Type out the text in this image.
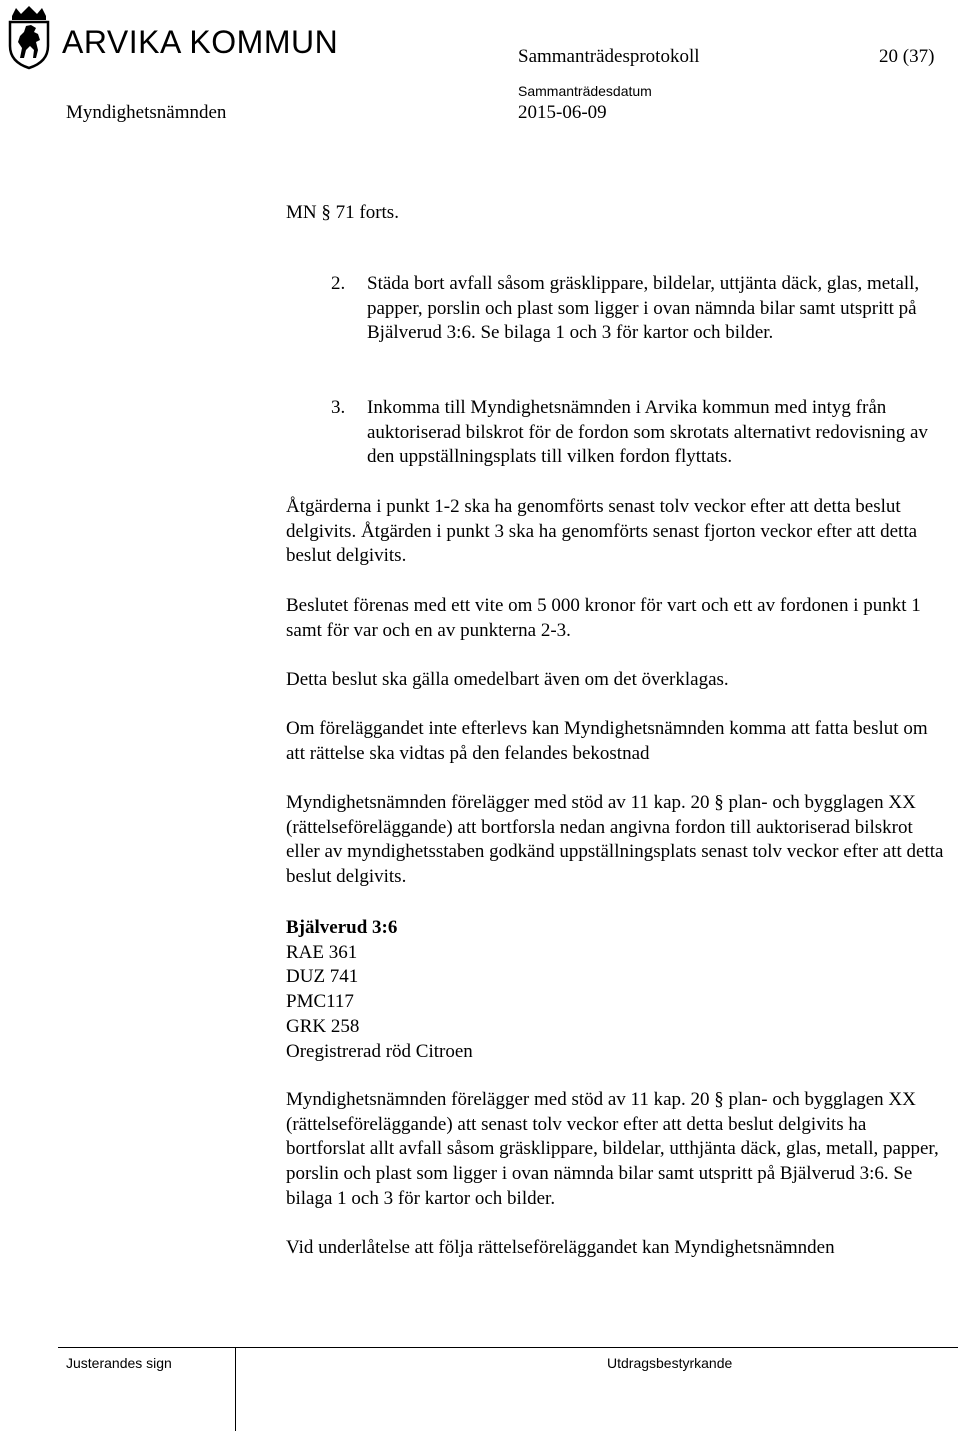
ARVIKA KOMMUN	Sammanträdesprotokoll	20 (37)
Myndighetsnämnden
Sammanträdesdatum
2015-06-09
MN § 71 forts.
2. Städa bort avfall såsom gräsklippare, bildelar, uttjänta däck, glas, metall, papper, porslin och plast som ligger i ovan nämnda bilar samt utspritt på Bjälverud 3:6. Se bilaga 1 och 3 för kartor och bilder.
3. Inkomma till Myndighetsnämnden i Arvika kommun med intyg från auktoriserad bilskrot för de fordon som skrotats alternativt redovisning av den uppställningsplats till vilken fordon flyttats.
Åtgärderna i punkt 1-2 ska ha genomförts senast tolv veckor efter att detta beslut delgivits. Åtgärden i punkt 3 ska ha genomförts senast fjorton veckor efter att detta beslut delgivits.
Beslutet förenas med ett vite om 5 000 kronor för vart och ett av fordonen i punkt 1 samt för var och en av punkterna 2-3.
Detta beslut ska gälla omedelbart även om det överklagas.
Om föreläggandet inte efterlevs kan Myndighetsnämnden komma att fatta beslut om att rättelse ska vidtas på den felandes bekostnad
Myndighetsnämnden förelägger med stöd av 11 kap. 20 § plan- och bygglagen XX (rättelseföreläggande) att bortforsla nedan angivna fordon till auktoriserad bilskrot eller av myndighetsstaben godkänd uppställningsplats senast tolv veckor efter att detta beslut delgivits.
Bjälverud 3:6
RAE 361
DUZ 741
PMC117
GRK 258
Oregistrerad röd Citroen
Myndighetsnämnden förelägger med stöd av 11 kap. 20 § plan- och bygglagen XX (rättelseföreläggande) att senast tolv veckor efter att detta beslut delgivits ha bortforslat allt avfall såsom gräsklippare, bildelar, utthjänta däck, glas, metall, papper, porslin och plast som ligger i ovan nämnda bilar samt utspritt på Bjälverud 3:6. Se bilaga 1 och 3 för kartor och bilder.
Vid underlåtelse att följa rättelseföreläggandet kan Myndighetsnämnden
Justerandes sign	Utdragsbestyrkande
